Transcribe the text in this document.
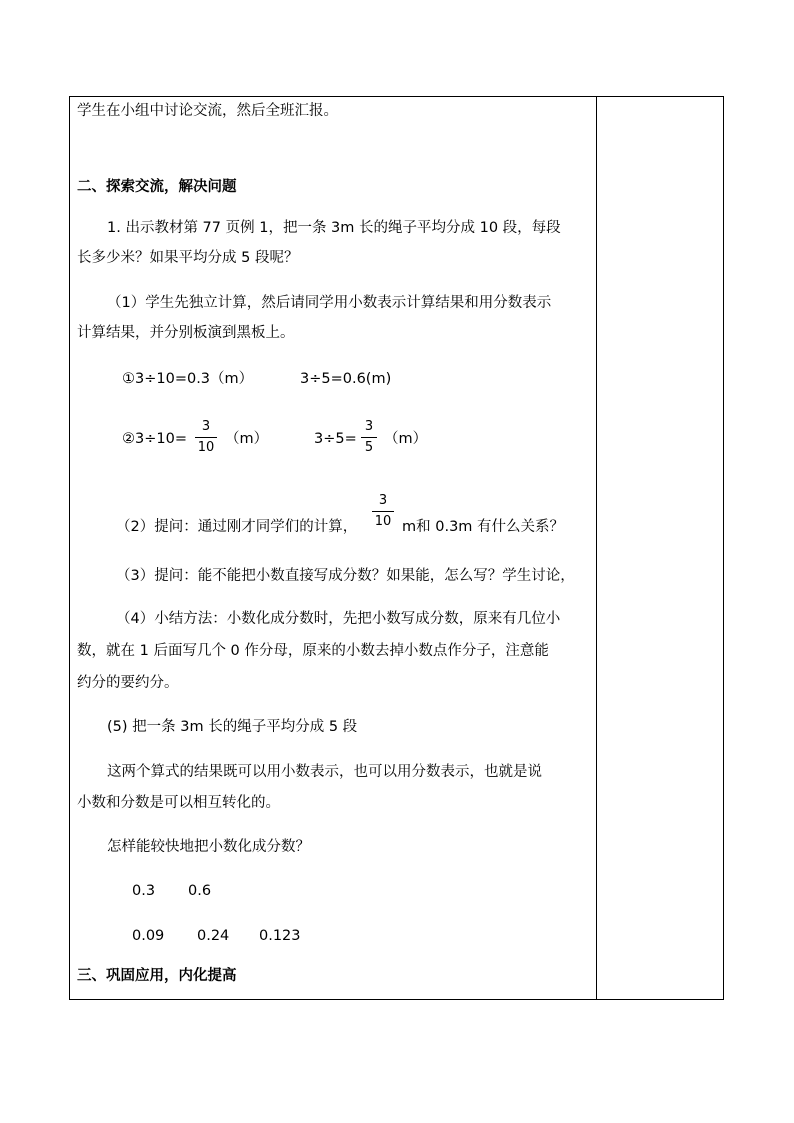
学生在小组中讨论交流，然后全班汇报。
二、探索交流，解决问题
1. 出示教材第 77 页例 1，把一条 3m 长的绳子平均分成 10 段，每段
长多少米？如果平均分成 5 段呢？
（1）学生先独立计算，然后请同学用小数表示计算结果和用分数表示
计算结果，并分别板演到黑板上。
①3÷10=0.3（m）	3÷5=0.6(m)
②3÷10=
3
10
（m）	3÷5=
3
5
（m）
（2）提问：通过刚才同学们的计算，
3
10 m和 0.3m 有什么关系？
（3）提问：能不能把小数直接写成分数？如果能，怎么写？学生讨论，
（4）小结方法：小数化成分数时，先把小数写成分数，原来有几位小
数，就在 1 后面写几个 0 作分母，原来的小数去掉小数点作分子，注意能
约分的要约分。
(5) 把一条 3m 长的绳子平均分成 5 段
这两个算式的结果既可以用小数表示，也可以用分数表示，也就是说
小数和分数是可以相互转化的。
怎样能较快地把小数化成分数？
0.3 0.6
0.09 0.24 0.123
三、巩固应用，内化提高
